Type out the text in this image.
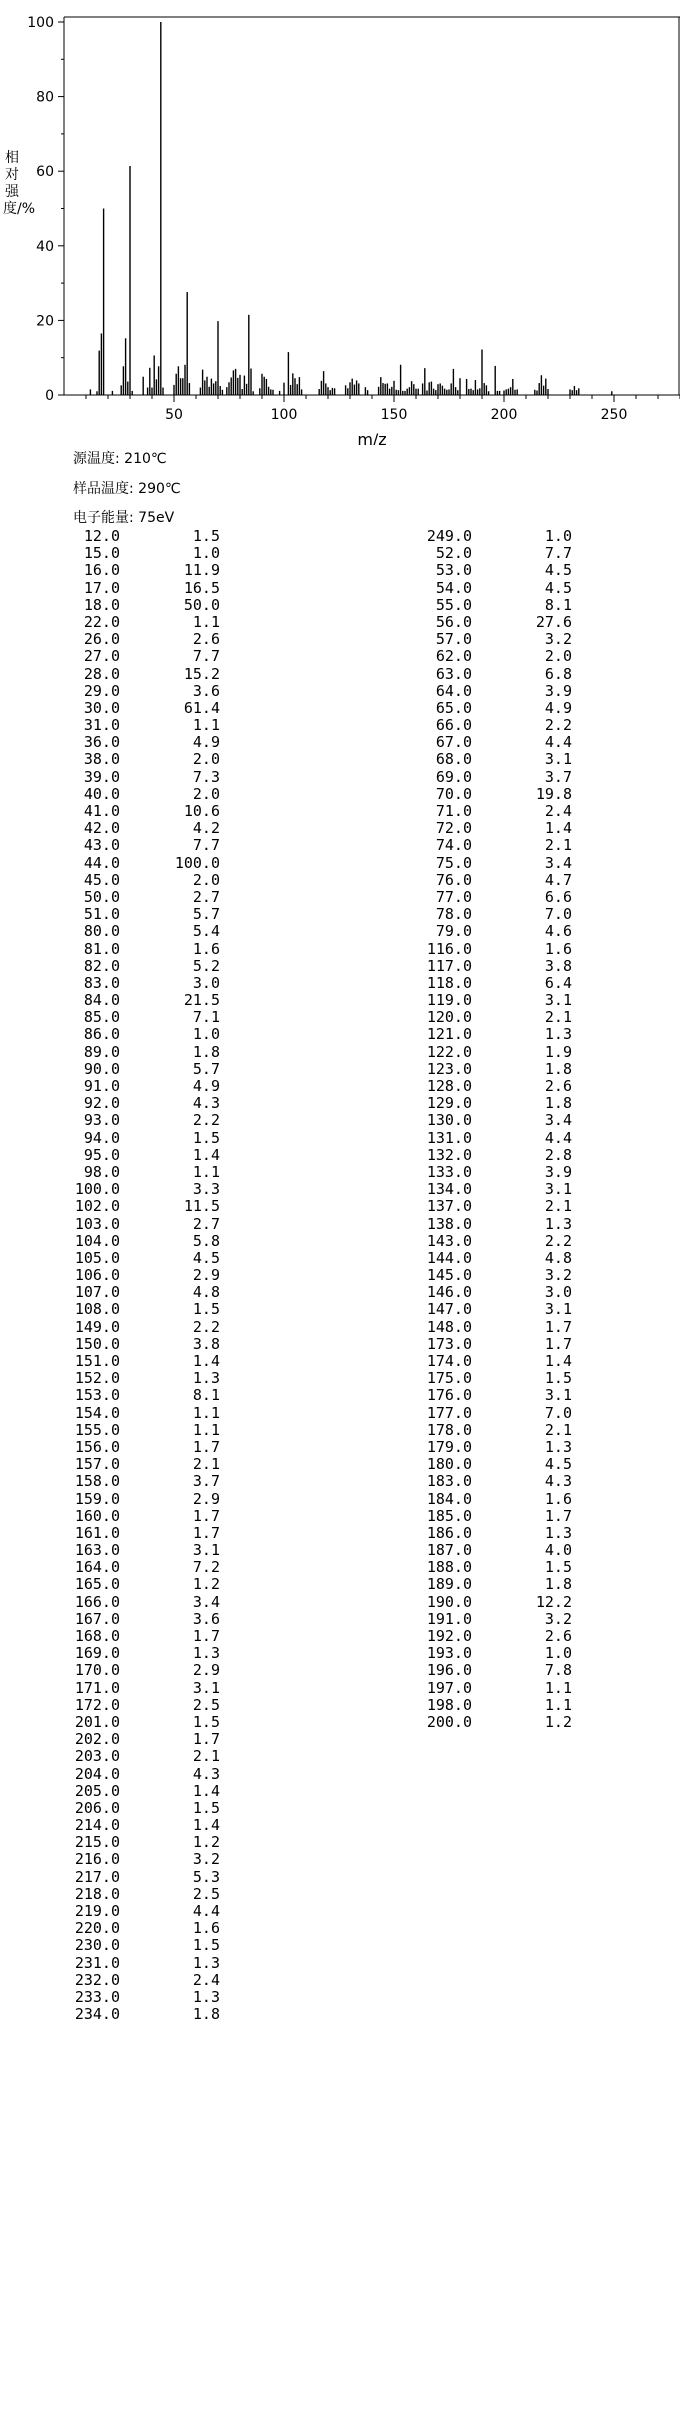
0
20
40
60
80
100
50	100	150	200	250
m/z
相对强度/%
源温度: 210℃
样品温度: 290℃
电子能量: 75eV
12.0	1.5
15.0	1.0
16.0	11.9
17.0	16.5
18.0	50.0
22.0	1.1
26.0	2.6
27.0	7.7
28.0	15.2
29.0	3.6
30.0	61.4
31.0	1.1
36.0	4.9
38.0	2.0
39.0	7.3
40.0	2.0
41.0	10.6
42.0	4.2
43.0	7.7
44.0	100.0
45.0	2.0
50.0	2.7
51.0	5.7
80.0	5.4
81.0	1.6
82.0	5.2
83.0	3.0
84.0	21.5
85.0	7.1
86.0	1.0
89.0	1.8
90.0	5.7
91.0	4.9
92.0	4.3
93.0	2.2
94.0	1.5
95.0	1.4
98.0	1.1
100.0	3.3
102.0	11.5
103.0	2.7
104.0	5.8
105.0	4.5
106.0	2.9
107.0	4.8
108.0	1.5
149.0	2.2
150.0	3.8
151.0	1.4
152.0	1.3
153.0	8.1
154.0	1.1
155.0	1.1
156.0	1.7
157.0	2.1
158.0	3.7
159.0	2.9
160.0	1.7
161.0	1.7
163.0	3.1
164.0	7.2
165.0	1.2
166.0	3.4
167.0	3.6
168.0	1.7
169.0	1.3
170.0	2.9
171.0	3.1
172.0	2.5
201.0	1.5
202.0	1.7
203.0	2.1
204.0	4.3
205.0	1.4
206.0	1.5
214.0	1.4
215.0	1.2
216.0	3.2
217.0	5.3
218.0	2.5
219.0	4.4
220.0	1.6
230.0	1.5
231.0	1.3
232.0	2.4
233.0	1.3
234.0	1.8
249.0	1.0
52.0	7.7
53.0	4.5
54.0	4.5
55.0	8.1
56.0	27.6
57.0	3.2
62.0	2.0
63.0	6.8
64.0	3.9
65.0	4.9
66.0	2.2
67.0	4.4
68.0	3.1
69.0	3.7
70.0	19.8
71.0	2.4
72.0	1.4
74.0	2.1
75.0	3.4
76.0	4.7
77.0	6.6
78.0	7.0
79.0	4.6
116.0	1.6
117.0	3.8
118.0	6.4
119.0	3.1
120.0	2.1
121.0	1.3
122.0	1.9
123.0	1.8
128.0	2.6
129.0	1.8
130.0	3.4
131.0	4.4
132.0	2.8
133.0	3.9
134.0	3.1
137.0	2.1
138.0	1.3
143.0	2.2
144.0	4.8
145.0	3.2
146.0	3.0
147.0	3.1
148.0	1.7
173.0	1.7
174.0	1.4
175.0	1.5
176.0	3.1
177.0	7.0
178.0	2.1
179.0	1.3
180.0	4.5
183.0	4.3
184.0	1.6
185.0	1.7
186.0	1.3
187.0	4.0
188.0	1.5
189.0	1.8
190.0	12.2
191.0	3.2
192.0	2.6
193.0	1.0
196.0	7.8
197.0	1.1
198.0	1.1
200.0	1.2
